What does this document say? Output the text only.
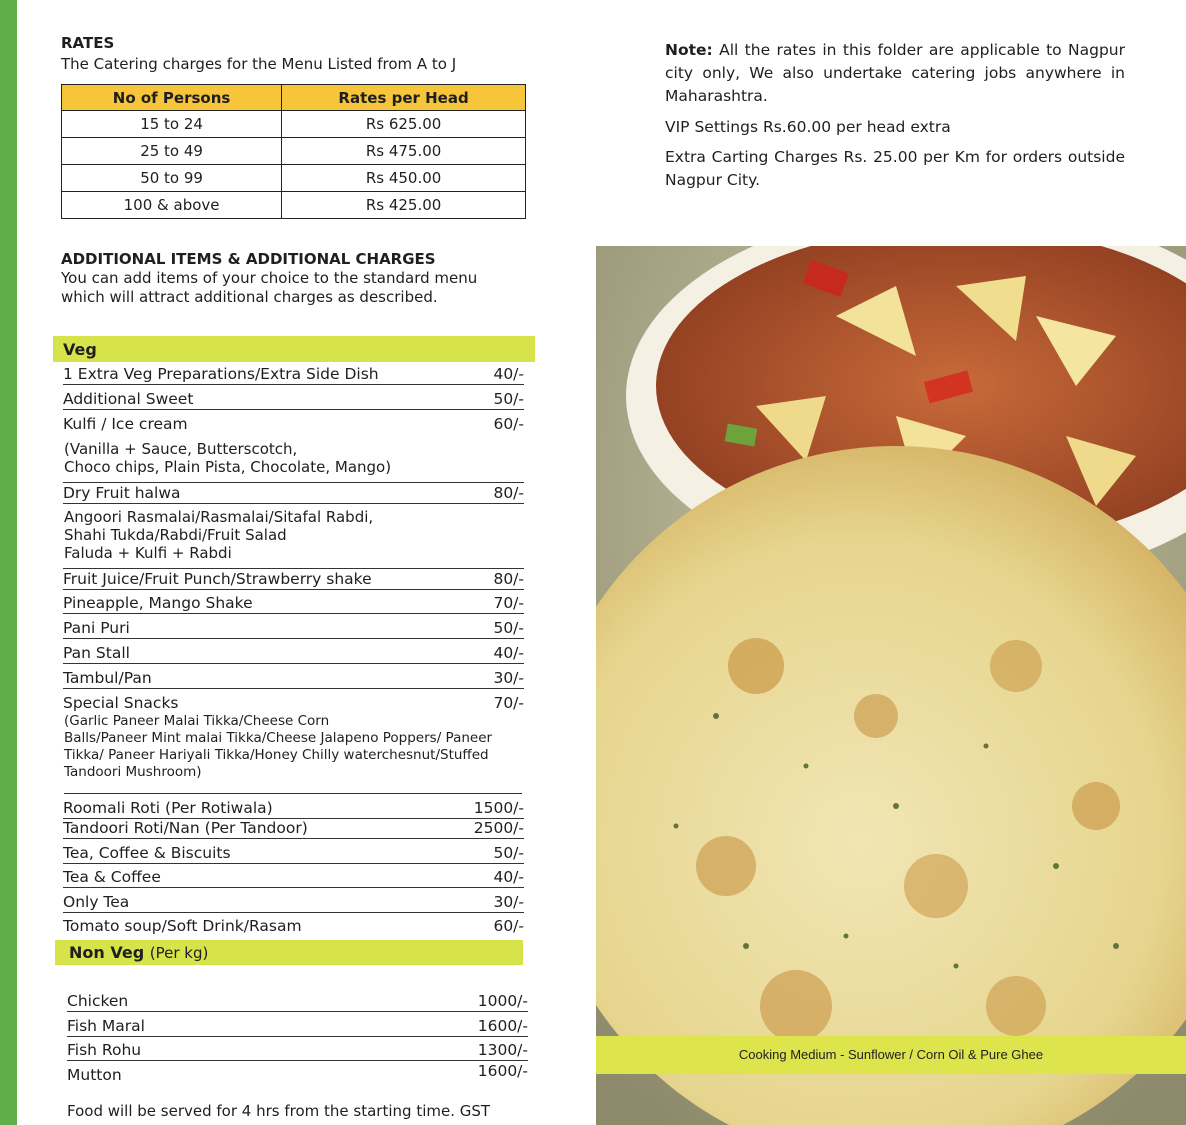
RATES
The Catering charges for the Menu Listed from A to J
No of Persons	Rates per Head
15 to 24	Rs 625.00
25 to 49	Rs 475.00
50 to 99	Rs 450.00
100 & above	Rs 425.00
ADDITIONAL ITEMS & ADDITIONAL CHARGES
You can add items of your choice to the standard menu which will attract additional charges as described.
Veg
1 Extra Veg Preparations/Extra Side Dish	40/-
Additional Sweet	50/-
Kulfi / Ice cream	60/-
(Vanilla + Sauce, Butterscotch,
Choco chips, Plain Pista, Chocolate, Mango)
Dry Fruit halwa	80/-
Angoori Rasmalai/Rasmalai/Sitafal Rabdi,
Shahi Tukda/Rabdi/Fruit Salad
Faluda + Kulfi + Rabdi
Fruit Juice/Fruit Punch/Strawberry shake	80/-
Pineapple, Mango Shake	70/-
Pani Puri	50/-
Pan Stall	40/-
Tambul/Pan	30/-
Special Snacks	70/-
(Garlic Paneer Malai Tikka/Cheese Corn
Balls/Paneer Mint malai Tikka/Cheese Jalapeno Poppers/ Paneer
Tikka/ Paneer Hariyali Tikka/Honey Chilly waterchesnut/Stuffed
Tandoori Mushroom)
Roomali Roti (Per Rotiwala)	1500/-
Tandoori Roti/Nan (Per Tandoor)	2500/-
Tea, Coffee & Biscuits	50/-
Tea & Coffee	40/-
Only Tea	30/-
Tomato soup/Soft Drink/Rasam	60/-
Non Veg (Per kg)
Chicken	1000/-
Fish Maral	1600/-
Fish Rohu	1300/-
Mutton	1600/-
Food will be served for 4 hrs from the starting time. GST
Note: All the rates in this folder are applicable to Nagpur city only, We also undertake catering jobs anywhere in Maharashtra.
VIP Settings Rs.60.00 per head extra
Extra Carting Charges Rs. 25.00 per Km for orders outside Nagpur City.
Cooking Medium - Sunflower / Corn Oil & Pure Ghee
